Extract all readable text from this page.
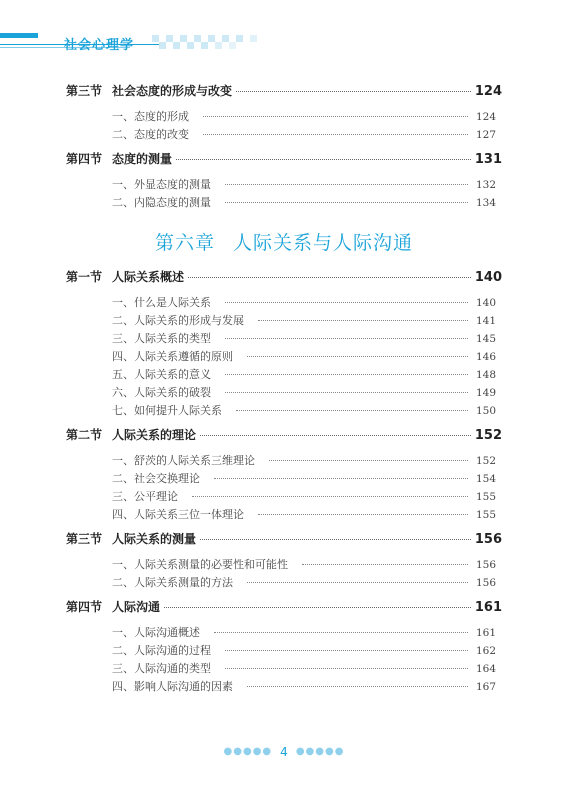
社会心理学
第六章 人际关系与人际沟通
第三节 社会态度的形成与改变	124
一、态度的形成	124
二、态度的改变	127
第四节 态度的测量	131
一、外显态度的测量	132
二、内隐态度的测量	134
第一节 人际关系概述	140
一、什么是人际关系	140
二、人际关系的形成与发展	141
三、人际关系的类型	145
四、人际关系遵循的原则	146
五、人际关系的意义	148
六、人际关系的破裂	149
七、如何提升人际关系	150
第二节 人际关系的理论	152
一、舒茨的人际关系三维理论	152
二、社会交换理论	154
三、公平理论	155
四、人际关系三位一体理论	155
第三节 人际关系的测量	156
一、人际关系测量的必要性和可能性	156
二、人际关系测量的方法	156
第四节 人际沟通	161
一、人际沟通概述	161
二、人际沟通的过程	162
三、人际沟通的类型	164
四、影响人际沟通的因素	167
●●●●● 4 ●●●●●
